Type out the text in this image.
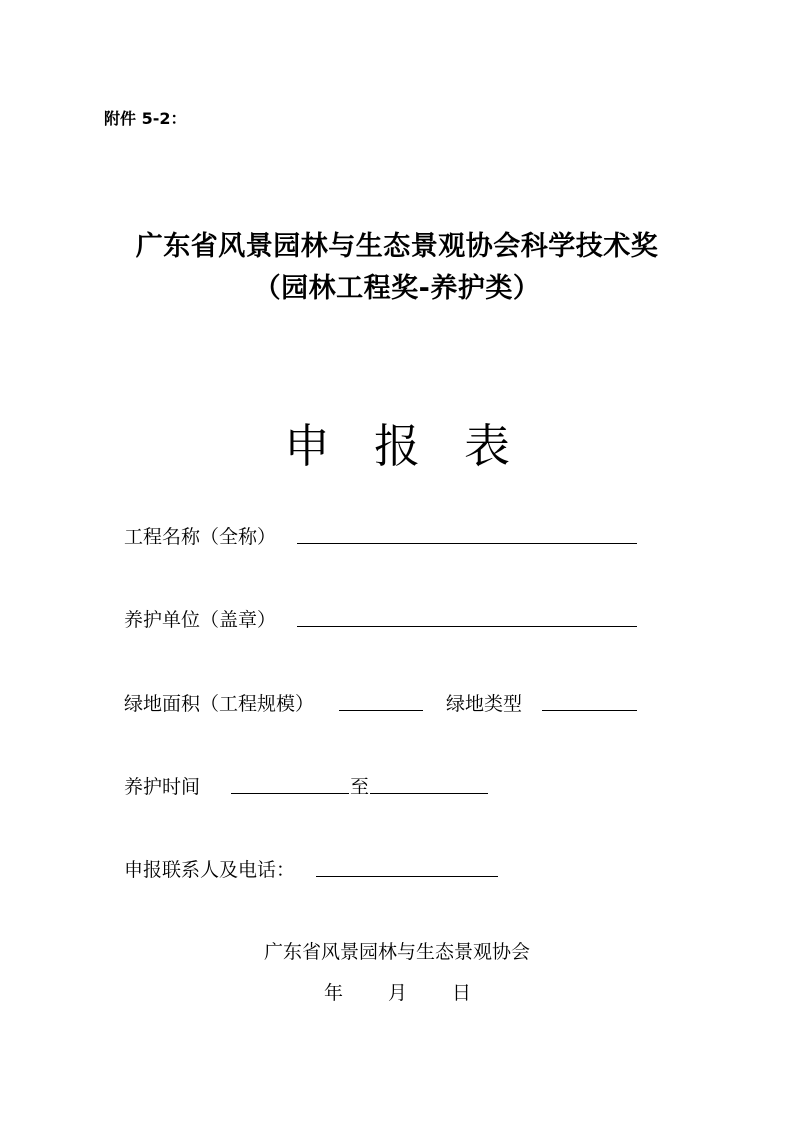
附件 5-2：
广东省风景园林与生态景观协会科学技术奖
（园林工程奖-养护类）
申报表
工程名称（全称）
养护单位（盖章）
绿地面积（工程规模）	绿地类型
养护时间	至
申报联系人及电话：
广东省风景园林与生态景观协会
年 月 日
